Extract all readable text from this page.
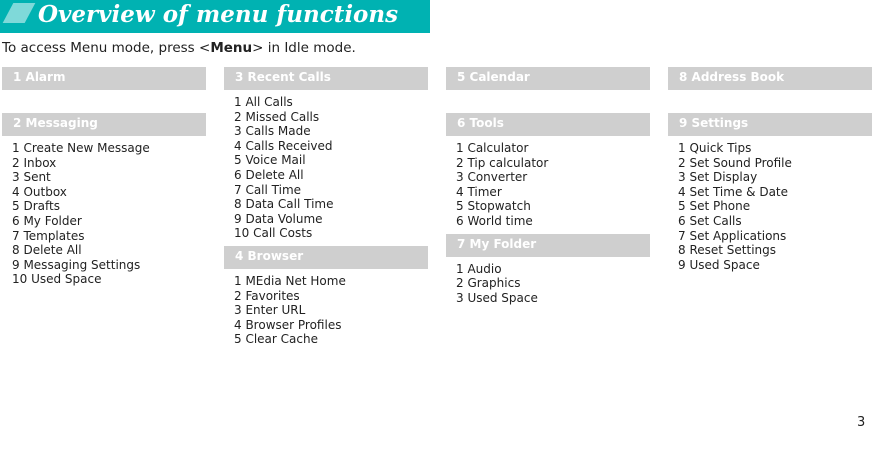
Overview of menu functions
To access Menu mode, press <Menu> in Idle mode.
1 Alarm
2 Messaging
1 Create New Message
2 Inbox
3 Sent
4 Outbox
5 Drafts
6 My Folder
7 Templates
8 Delete All
9 Messaging Settings
10 Used Space
3 Recent Calls
1 All Calls
2 Missed Calls
3 Calls Made
4 Calls Received
5 Voice Mail
6 Delete All
7 Call Time
8 Data Call Time
9 Data Volume
10 Call Costs
4 Browser
1 MEdia Net Home
2 Favorites
3 Enter URL
4 Browser Profiles
5 Clear Cache
5 Calendar
6 Tools
1 Calculator
2 Tip calculator
3 Converter
4 Timer
5 Stopwatch
6 World time
7 My Folder
1 Audio
2 Graphics
3 Used Space
8 Address Book
9 Settings
1 Quick Tips
2 Set Sound Profile
3 Set Display
4 Set Time & Date
5 Set Phone
6 Set Calls
7 Set Applications
8 Reset Settings
9 Used Space
3
